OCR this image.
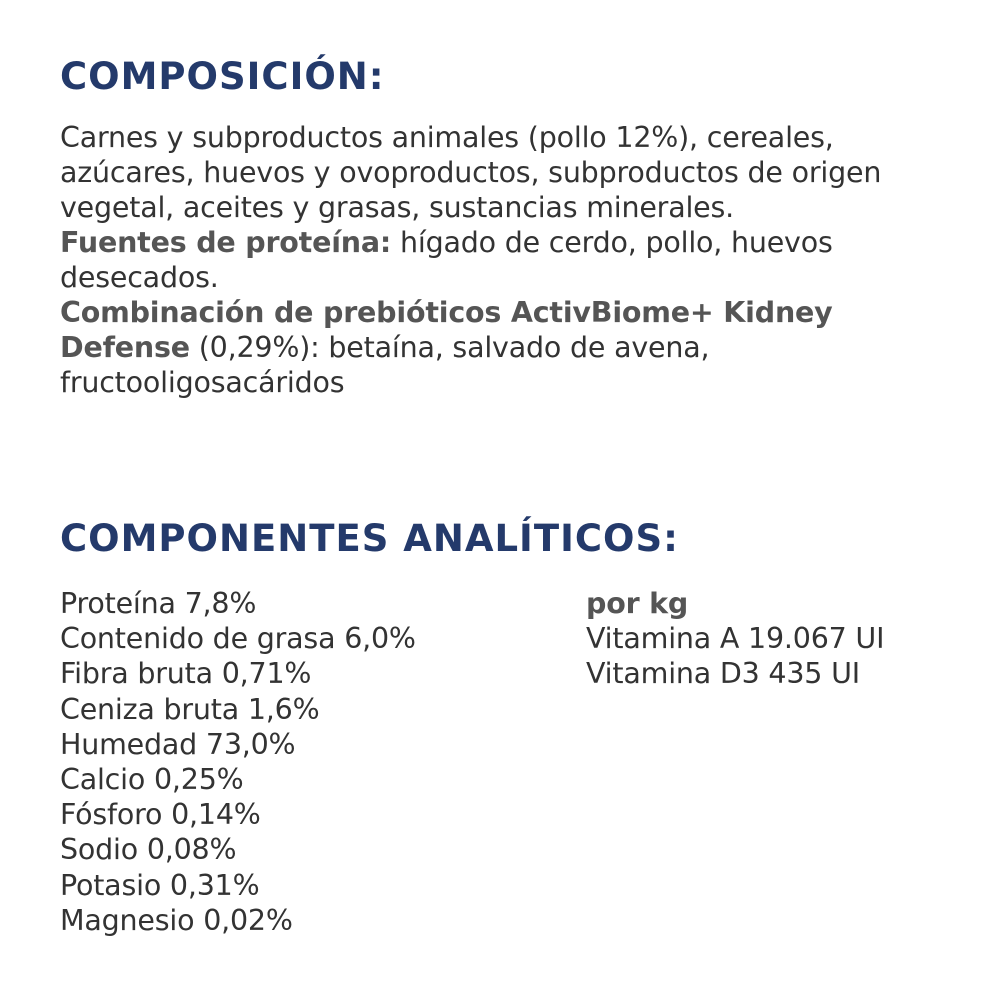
COMPOSICIÓN:

Carnes y subproductos animales (pollo 12%), cereales, azúcares, huevos y ovoproductos, subproductos de origen vegetal, aceites y grasas, sustancias minerales.
Fuentes de proteína: hígado de cerdo, pollo, huevos desecados.
Combinación de prebióticos ActivBiome+ Kidney Defense (0,29%): betaína, salvado de avena, fructooligosacáridos

COMPONENTES ANALÍTICOS:
Proteína 7,8%
Contenido de grasa 6,0%
Fibra bruta 0,71%
Ceniza bruta 1,6%
Humedad 73,0%
Calcio 0,25%
Fósforo 0,14%
Sodio 0,08%
Potasio 0,31%
Magnesio 0,02%
por kg
Vitamina A 19.067 UI
Vitamina D3 435 UI
